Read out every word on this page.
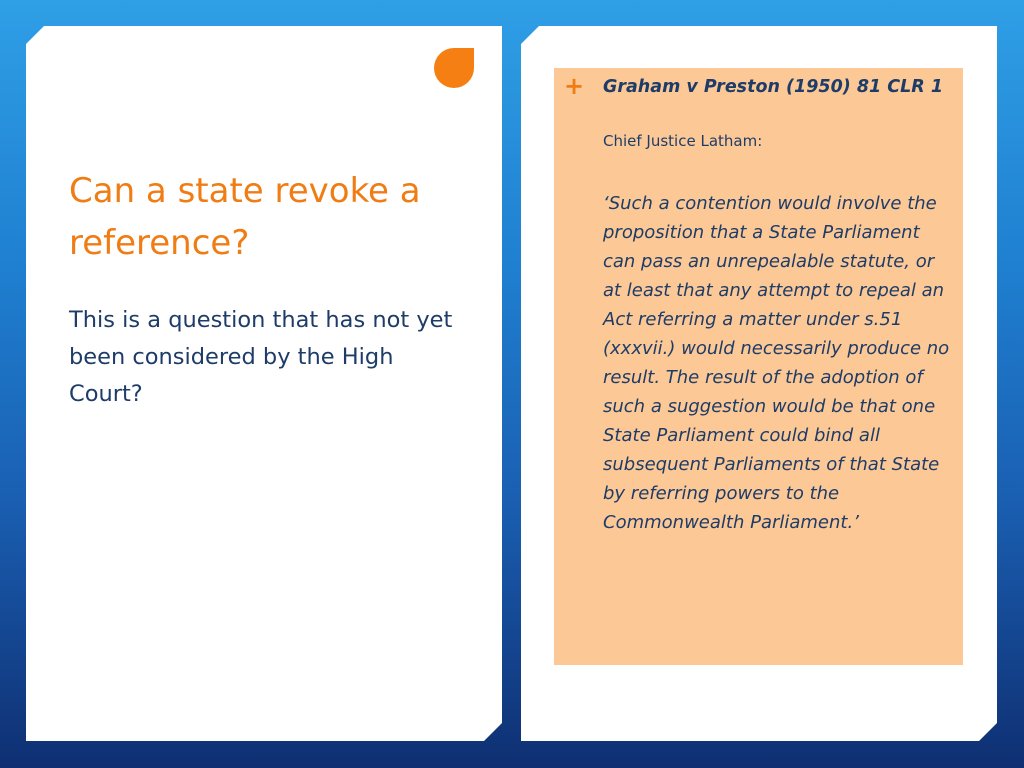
Can a state revoke a reference?

This is a question that has not yet been considered by the High Court?

+ Graham v Preston (1950) 81 CLR 1

Chief Justice Latham:

‘Such a contention would involve the proposition that a State Parliament can pass an unrepealable statute, or at least that any attempt to repeal an Act referring a matter under s.51 (xxxvii.) would necessarily produce no result. The result of the adoption of such a suggestion would be that one State Parliament could bind all subsequent Parliaments of that State by referring powers to the Commonwealth Parliament.’
